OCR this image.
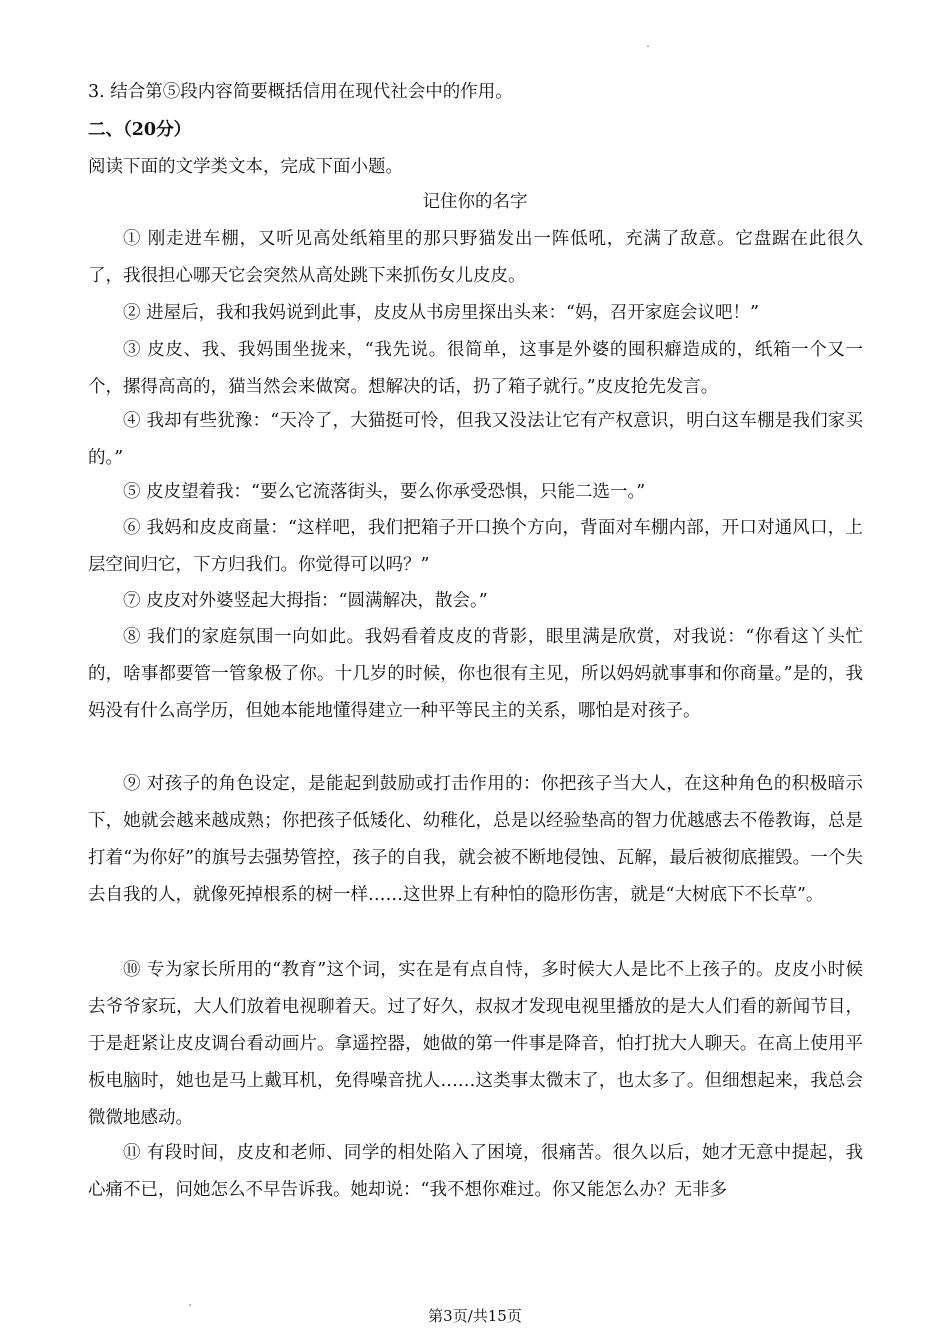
3. 结合第⑤段内容简要概括信用在现代社会中的作用。
二、（20分）
阅读下面的文学类文本，完成下面小题。
记住你的名字

① 刚走进车棚，又听见高处纸箱里的那只野猫发出一阵低吼，充满了敌意。它盘踞在此很久了，我很担心哪天它会突然从高处跳下来抓伤女儿皮皮。

② 进屋后，我和我妈说到此事，皮皮从书房里探出头来：“妈，召开家庭会议吧！”

③ 皮皮、我、我妈围坐拢来，“我先说。很简单，这事是外婆的囤积癖造成的，纸箱一个又一个，摞得高高的，猫当然会来做窝。想解决的话，扔了箱子就行。”皮皮抢先发言。

④ 我却有些犹豫：“天冷了，大猫挺可怜，但我又没法让它有产权意识，明白这车棚是我们家买的。”

⑤ 皮皮望着我：“要么它流落街头，要么你承受恐惧，只能二选一。”

⑥ 我妈和皮皮商量：“这样吧，我们把箱子开口换个方向，背面对车棚内部，开口对通风口，上层空间归它，下方归我们。你觉得可以吗？”

⑦ 皮皮对外婆竖起大拇指：“圆满解决，散会。”

⑧ 我们的家庭氛围一向如此。我妈看着皮皮的背影，眼里满是欣赏，对我说：“你看这丫头忙的，啥事都要管一管象极了你。十几岁的时候，你也很有主见，所以妈妈就事事和你商量。”是的，我妈没有什么高学历，但她本能地懂得建立一种平等民主的关系，哪怕是对孩子。

⑨ 对孩子的角色设定，是能起到鼓励或打击作用的：你把孩子当大人，在这种角色的积极暗示下，她就会越来越成熟；你把孩子低矮化、幼稚化，总是以经验垫高的智力优越感去不倦教诲，总是打着“为你好”的旗号去强势管控，孩子的自我，就会被不断地侵蚀、瓦解，最后被彻底摧毁。一个失去自我的人，就像死掉根系的树一样……这世界上有种怕的隐形伤害，就是“大树底下不长草”。

⑩ 专为家长所用的“教育”这个词，实在是有点自恃，多时候大人是比不上孩子的。皮皮小时候去爷爷家玩，大人们放着电视聊着天。过了好久，叔叔才发现电视里播放的是大人们看的新闻节目，于是赶紧让皮皮调台看动画片。拿遥控器，她做的第一件事是降音，怕打扰大人聊天。在高上使用平板电脑时，她也是马上戴耳机，免得噪音扰人……这类事太微末了，也太多了。但细想起来，我总会微微地感动。

⑪ 有段时间，皮皮和老师、同学的相处陷入了困境，很痛苦。很久以后，她才无意中提起，我心痛不已，问她怎么不早告诉我。她却说：“我不想你难过。你又能怎么办？无非多

第3页/共15页
